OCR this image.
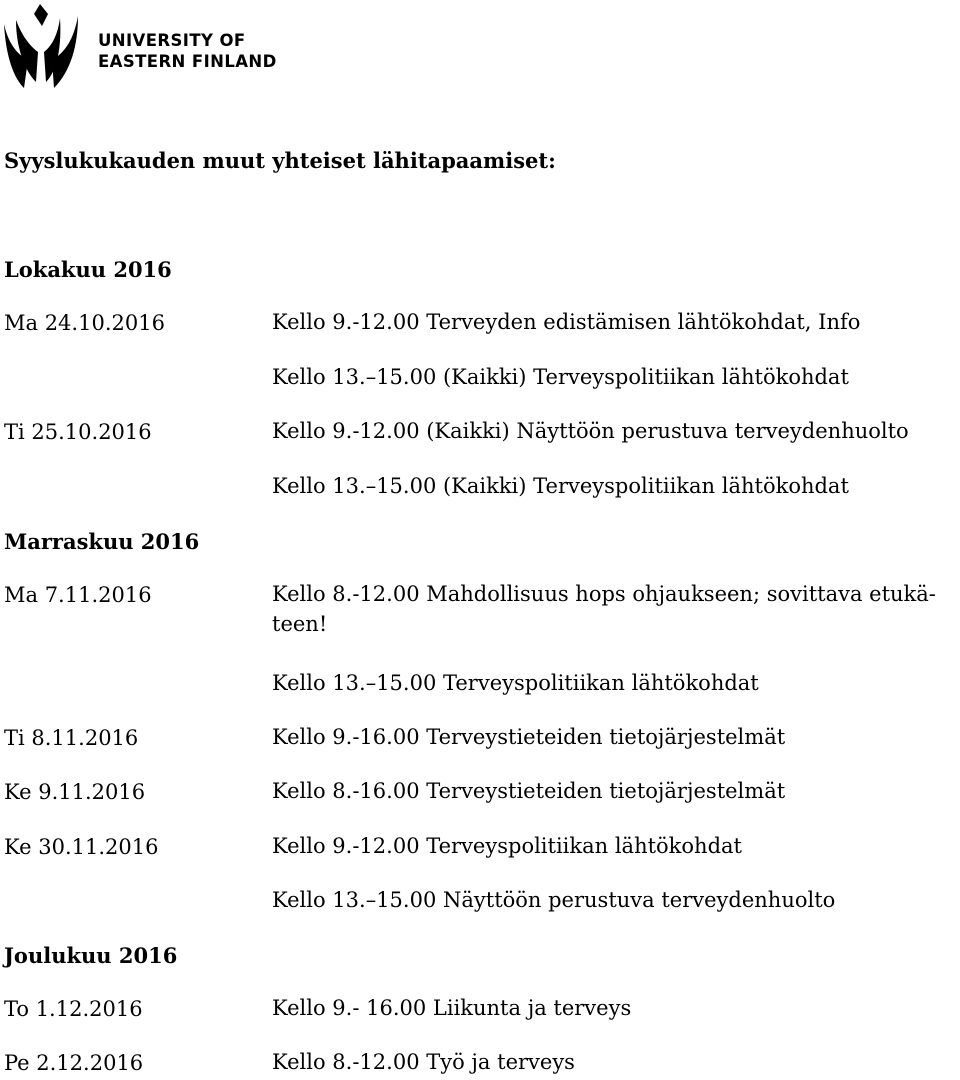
UNIVERSITY OF
EASTERN FINLAND
Syyslukukauden muut yhteiset lähitapaamiset:
Lokakuu 2016
Marraskuu 2016
Joulukuu 2016
Ma 24.10.2016
Ti 25.10.2016
Ma 7.11.2016
Ti 8.11.2016
Ke 9.11.2016
Ke 30.11.2016
To 1.12.2016
Pe 2.12.2016
Kello 9.-12.00 Terveyden edistämisen lähtökohdat, Info
Kello 13.–15.00 (Kaikki) Terveyspolitiikan lähtökohdat
Kello 9.-12.00 (Kaikki) Näyttöön perustuva terveydenhuolto
Kello 13.–15.00 (Kaikki) Terveyspolitiikan lähtökohdat
Kello 8.-12.00 Mahdollisuus hops ohjaukseen; sovittava etukä-teen!
Kello 13.–15.00 Terveyspolitiikan lähtökohdat
Kello 9.-16.00 Terveystieteiden tietojärjestelmät
Kello 8.-16.00 Terveystieteiden tietojärjestelmät
Kello 9.-12.00 Terveyspolitiikan lähtökohdat
Kello 13.–15.00 Näyttöön perustuva terveydenhuolto
Kello 9.- 16.00 Liikunta ja terveys
Kello 8.-12.00 Työ ja terveys
